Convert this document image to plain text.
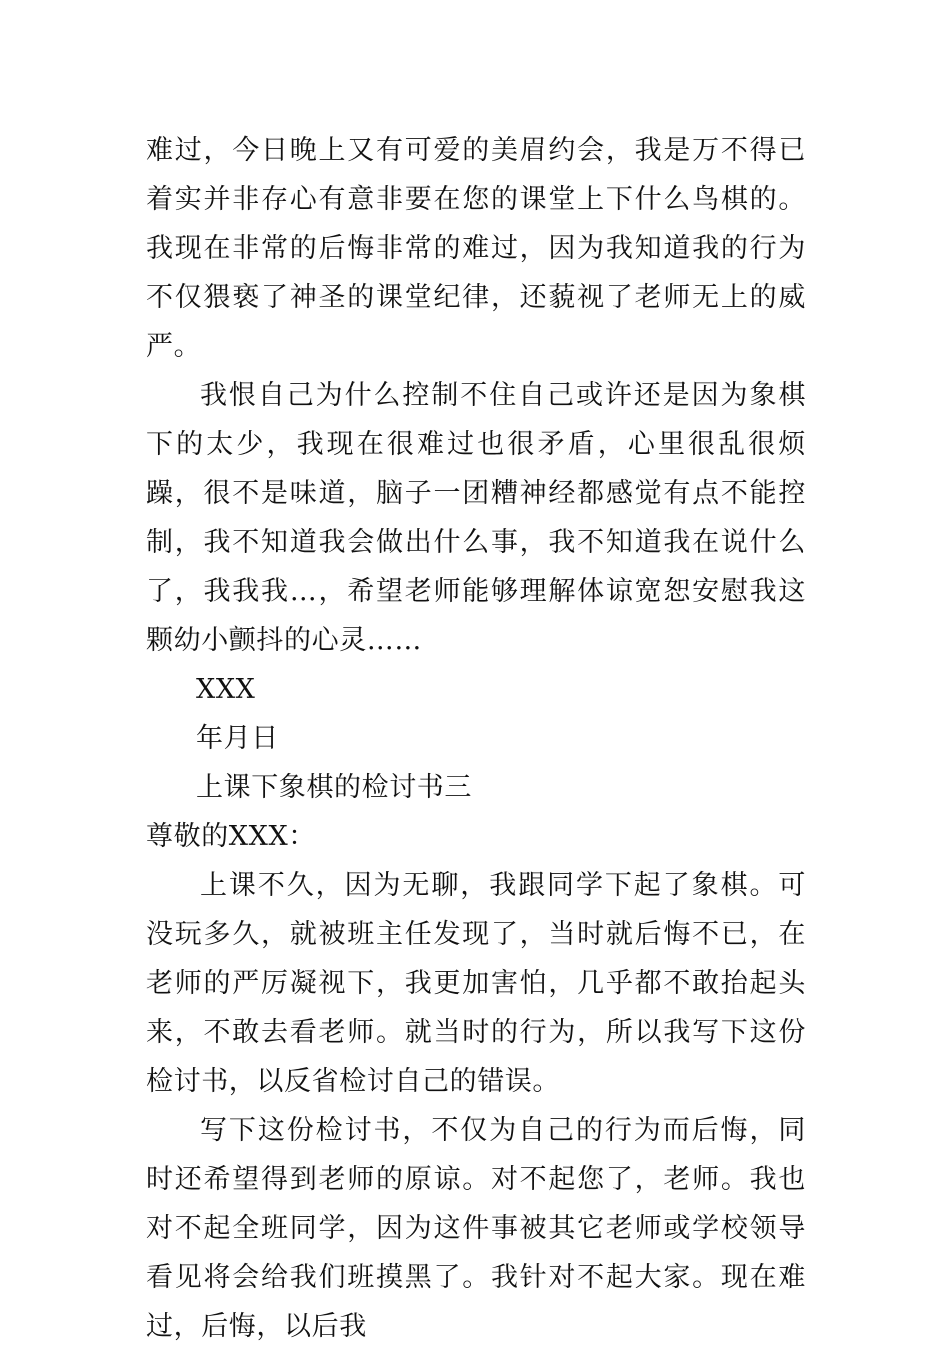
难过，今日晚上又有可爱的美眉约会，我是万不得已着实并非存心有意非要在您的课堂上下什么鸟棋的。我现在非常的后悔非常的难过，因为我知道我的行为不仅猥亵了神圣的课堂纪律，还藐视了老师无上的威严。

我恨自己为什么控制不住自己或许还是因为象棋下的太少，我现在很难过也很矛盾，心里很乱很烦躁，很不是味道，脑子一团糟神经都感觉有点不能控制，我不知道我会做出什么事，我不知道我在说什么了，我我我…，希望老师能够理解体谅宽恕安慰我这颗幼小颤抖的心灵……

XXX

年月日

上课下象棋的检讨书三

尊敬的XXX：

上课不久，因为无聊，我跟同学下起了象棋。可没玩多久，就被班主任发现了，当时就后悔不已，在老师的严厉凝视下，我更加害怕，几乎都不敢抬起头来，不敢去看老师。就当时的行为，所以我写下这份检讨书，以反省检讨自己的错误。

写下这份检讨书，不仅为自己的行为而后悔，同时还希望得到老师的原谅。对不起您了，老师。我也对不起全班同学，因为这件事被其它老师或学校领导看见将会给我们班摸黑了。我针对不起大家。现在难过，后悔，以后我
